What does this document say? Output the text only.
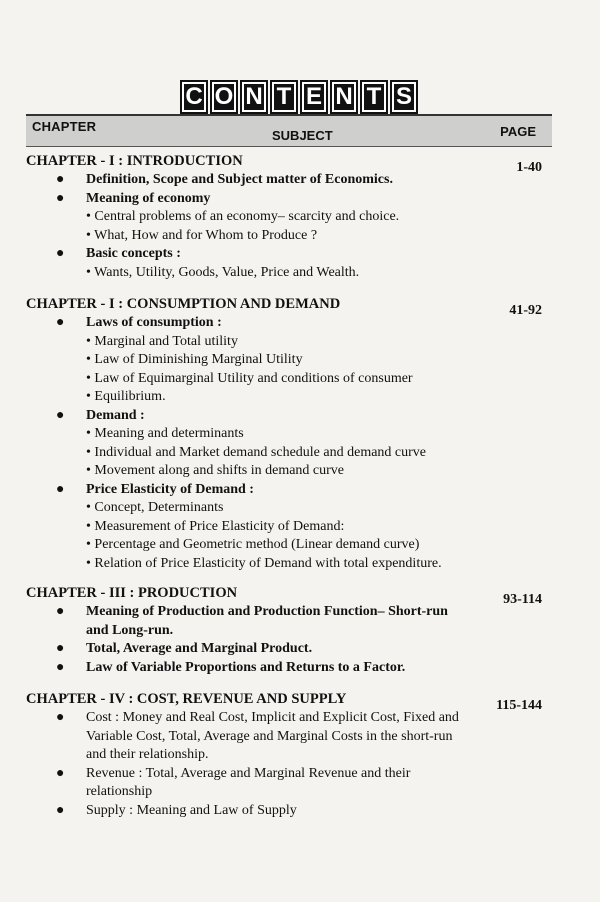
C O N T E N T S
CHAPTER
SUBJECT	PAGE
CHAPTER - I : INTRODUCTION	1-40
● Definition, Scope and Subject matter of Economics.
● Meaning of economy
• Central problems of an economy– scarcity and choice.
• What, How and for Whom to Produce ?
● Basic concepts :
• Wants, Utility, Goods, Value, Price and Wealth.
CHAPTER - I : CONSUMPTION AND DEMAND	41-92
● Laws of consumption :
• Marginal and Total utility
• Law of Diminishing Marginal Utility
• Law of Equimarginal Utility and conditions of consumer
• Equilibrium.
● Demand :
• Meaning and determinants
• Individual and Market demand schedule and demand curve
• Movement along and shifts in demand curve
● Price Elasticity of Demand :
• Concept, Determinants
• Measurement of Price Elasticity of Demand:
• Percentage and Geometric method (Linear demand curve)
• Relation of Price Elasticity of Demand with total expenditure.
CHAPTER - III : PRODUCTION	93-114
● Meaning of Production and Production Function– Short-run and Long-run.
● Total, Average and Marginal Product.
● Law of Variable Proportions and Returns to a Factor.
CHAPTER - IV : COST, REVENUE AND SUPPLY	115-144
● Cost : Money and Real Cost, Implicit and Explicit Cost, Fixed and Variable Cost, Total, Average and Marginal Costs in the short-run and their relationship.
● Revenue : Total, Average and Marginal Revenue and their relationship
● Supply : Meaning and Law of Supply
